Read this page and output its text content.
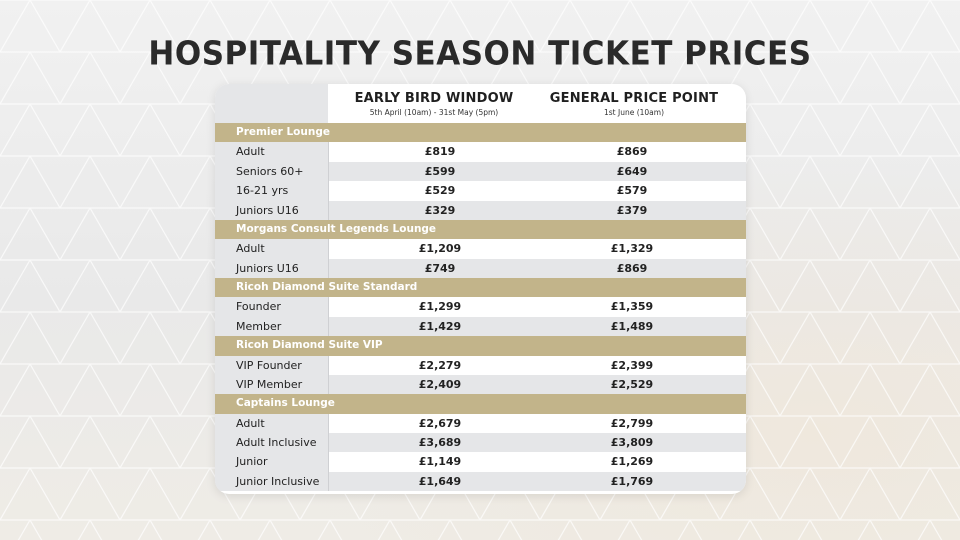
HOSPITALITY SEASON TICKET PRICES
EARLY BIRD WINDOW
5th April (10am) - 31st May (5pm)
GENERAL PRICE POINT
1st June (10am)
Premier Lounge
Adult	£819	£869
Seniors 60+	£599	£649
16-21 yrs	£529	£579
Juniors U16	£329	£379
Morgans Consult Legends Lounge
Adult	£1,209	£1,329
Juniors U16	£749	£869
Ricoh Diamond Suite Standard
Founder	£1,299	£1,359
Member	£1,429	£1,489
Ricoh Diamond Suite VIP
VIP Founder	£2,279	£2,399
VIP Member	£2,409	£2,529
Captains Lounge
Adult	£2,679	£2,799
Adult Inclusive	£3,689	£3,809
Junior	£1,149	£1,269
Junior Inclusive	£1,649	£1,769
